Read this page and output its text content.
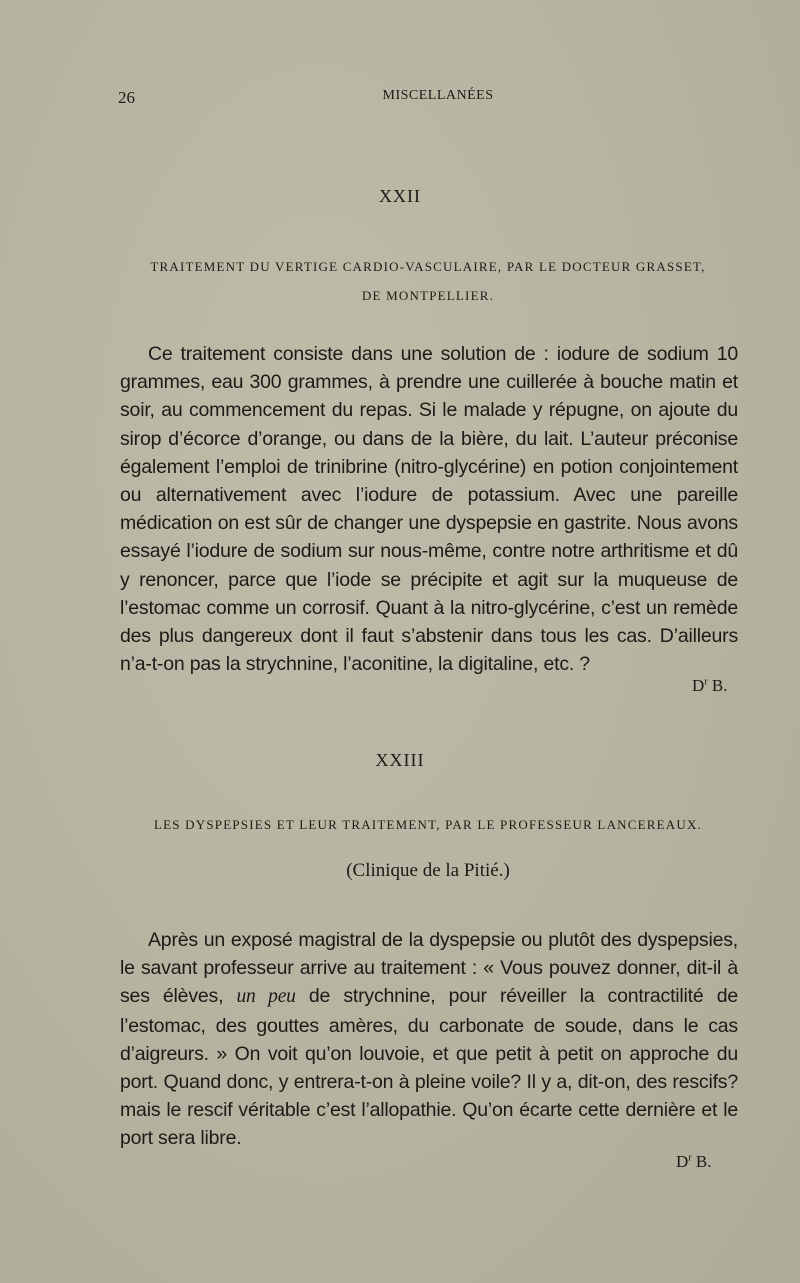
26	MISCELLANÉES
XXII
TRAITEMENT DU VERTIGE CARDIO-VASCULAIRE, PAR LE DOCTEUR GRASSET,
DE MONTPELLIER.

Ce traitement consiste dans une solution de : iodure de sodium 10 grammes, eau 300 grammes, à prendre une cuillerée à bouche matin et soir, au commencement du repas. Si le malade y répugne, on ajoute du sirop d’écorce d’orange, ou dans de la bière, du lait. L’auteur préconise également l’emploi de trinibrine (nitro-glycérine) en potion conjointement ou alternativement avec l’iodure de potassium. Avec une pareille médication on est sûr de changer une dyspepsie en gastrite. Nous avons essayé l’iodure de sodium sur nous-même, contre notre arthritisme et dû y renoncer, parce que l’iode se précipite et agit sur la muqueuse de l’estomac comme un corrosif. Quant à la nitro-glycérine, c’est un remède des plus dangereux dont il faut s’abstenir dans tous les cas. D’ailleurs n’a-t-on pas la strychnine, l’aconitine, la digitaline, etc. ?

$D^r$ B.
XXIII
LES DYSPEPSIES ET LEUR TRAITEMENT, PAR LE PROFESSEUR LANCEREAUX.
(Clinique de la Pitié.)

Après un exposé magistral de la dyspepsie ou plutôt des dyspepsies, le savant professeur arrive au traitement : « Vous pouvez donner, dit-il à ses élèves, un peu de strychnine, pour réveiller la contractilité de l’estomac, des gouttes amères, du carbonate de soude, dans le cas d’aigreurs. » On voit qu’on louvoie, et que petit à petit on approche du port. Quand donc, y entrera-t-on à pleine voile? Il y a, dit-on, des rescifs? mais le rescif véritable c’est l’allopathie. Qu’on écarte cette dernière et le port sera libre.

$D^r$ B.
